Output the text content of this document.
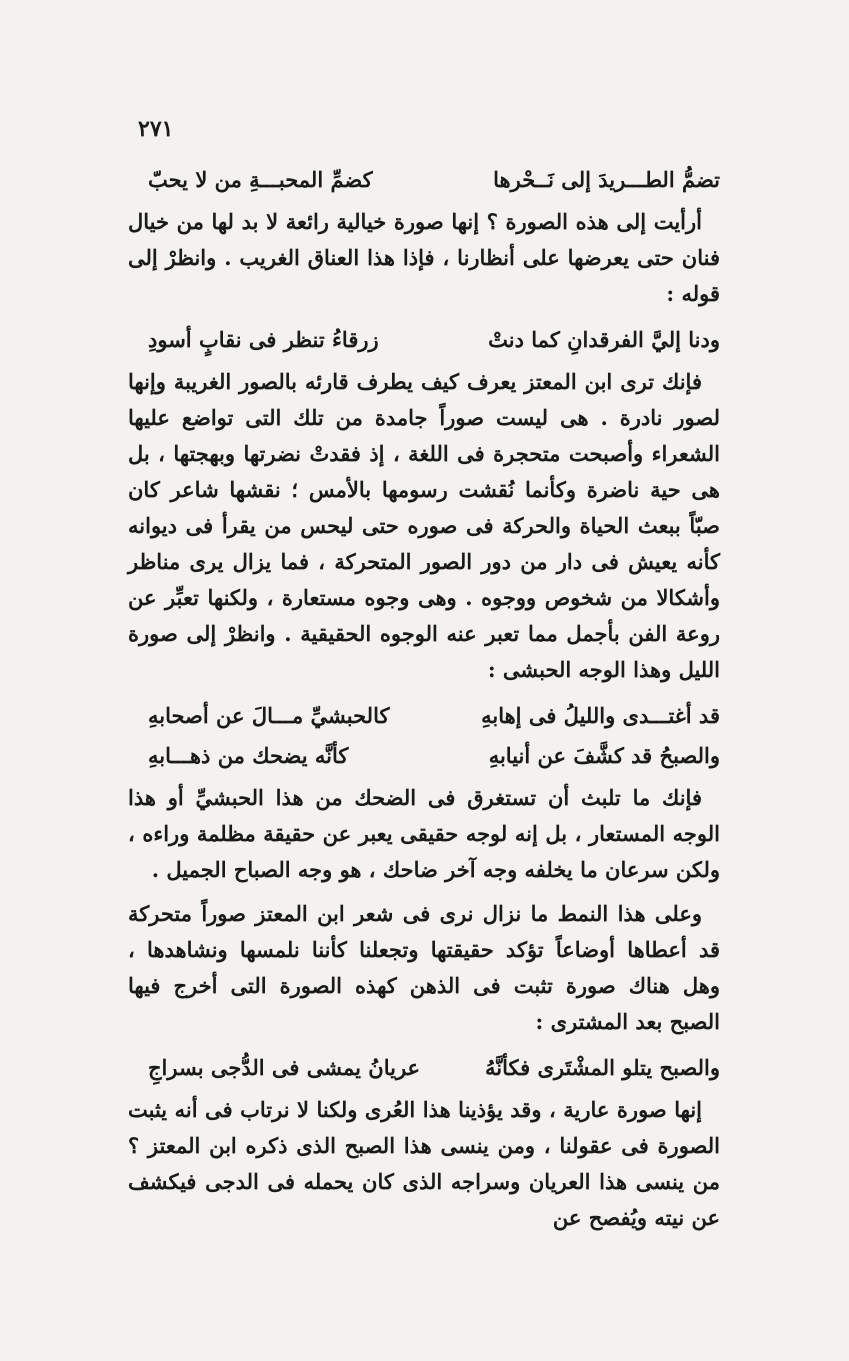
٢٧١
تضمُّ الطـــريدَ إلى نَــحْرها
كضمِّ المحبـــةِ من لا يحبّ

أرأيت إلى هذه الصورة ؟ إنها صورة خيالية رائعة لا بد لها من خيال فنان حتى يعرضها على أنظارنا ، فإذا هذا العناق الغريب . وانظرْ إلى قوله :

ودنا إليَّ الفرقدانِ كما دنتْ
زرقاءُ تنظر فى نقابٍ أسودِ

فإنك ترى ابن المعتز يعرف كيف يطرف قارئه بالصور الغريبة وإنها لصور نادرة . هى ليست صوراً جامدة من تلك التى تواضع عليها الشعراء وأصبحت متحجرة فى اللغة ، إذ فقدتْ نضرتها وبهجتها ، بل هى حية ناضرة وكأنما نُقشت رسومها بالأمس ؛ نقشها شاعر كان صبّاً ببعث الحياة والحركة فى صوره حتى ليحس من يقرأ فى ديوانه كأنه يعيش فى دار من دور الصور المتحركة ، فما يزال يرى مناظر وأشكالا من شخوص ووجوه . وهى وجوه مستعارة ، ولكنها تعبِّر عن روعة الفن بأجمل مما تعبر عنه الوجوه الحقيقية . وانظرْ إلى صورة الليل وهذا الوجه الحبشى :

قد أغتـــدى والليلُ فى إهابهِ
كالحبشيِّ مـــالَ عن أصحابهِ
والصبحُ قد كشَّفَ عن أنيابهِ
كأنَّه يضحك من ذهـــابهِ

فإنك ما تلبث أن تستغرق فى الضحك من هذا الحبشيِّ أو هذا الوجه المستعار ، بل إنه لوجه حقيقى يعبر عن حقيقة مظلمة وراءه ، ولكن سرعان ما يخلفه وجه آخر ضاحك ، هو وجه الصباح الجميل .

وعلى هذا النمط ما نزال نرى فى شعر ابن المعتز صوراً متحركة قد أعطاها أوضاعاً تؤكد حقيقتها وتجعلنا كأننا نلمسها ونشاهدها ، وهل هناك صورة تثبت فى الذهن كهذه الصورة التى أخرج فيها الصبح بعد المشترى :

والصبح يتلو المشْتَرى فكأنَّهُ
عريانُ يمشى فى الدُّجى بسراجِ

إنها صورة عارية ، وقد يؤذينا هذا العُرى ولكنا لا نرتاب فى أنه يثبت الصورة فى عقولنا ، ومن ينسى هذا الصبح الذى ذكره ابن المعتز ؟ من ينسى هذا العريان وسراجه الذى كان يحمله فى الدجى فيكشف عن نيته ويُفصح عن
